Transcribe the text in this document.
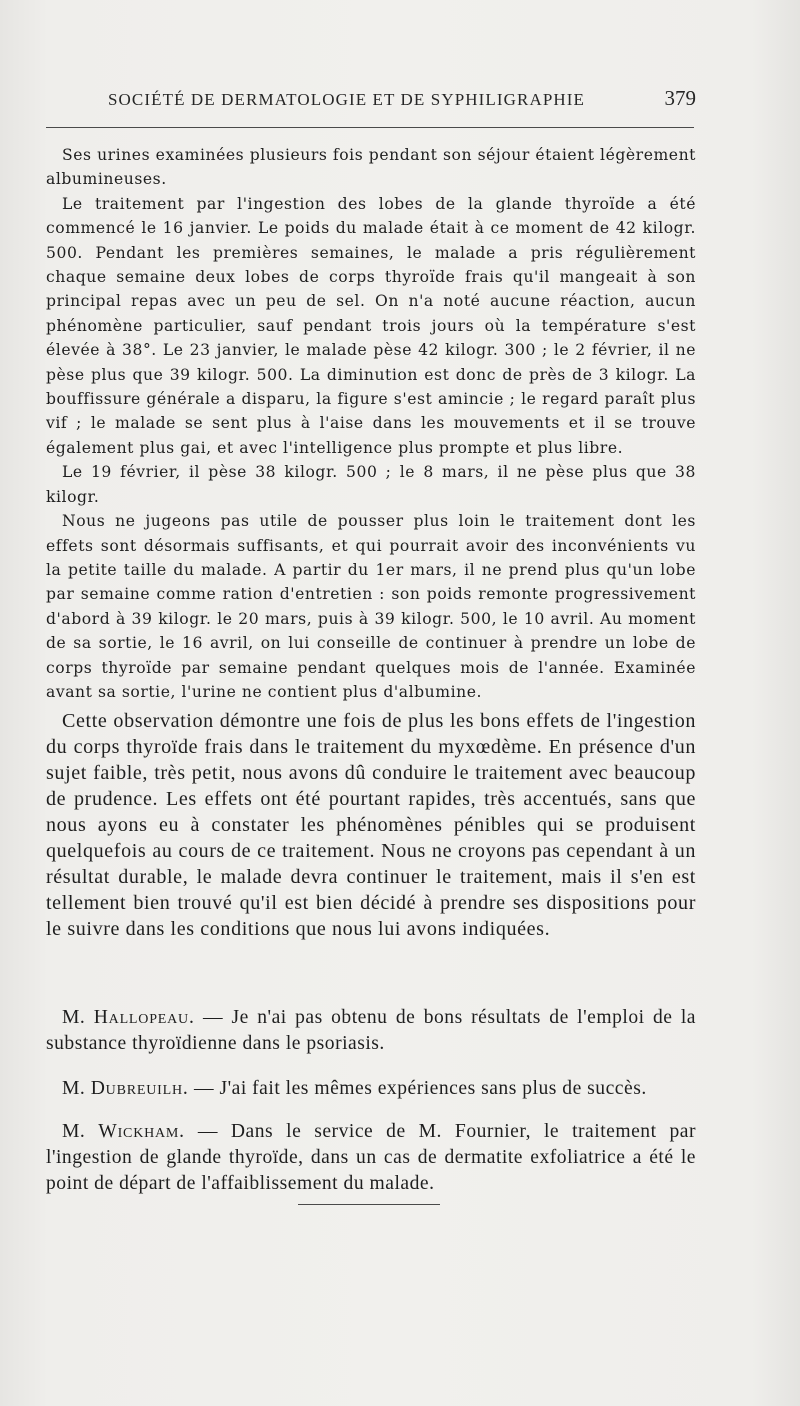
SOCIÉTÉ DE DERMATOLOGIE ET DE SYPHILIGRAPHIE	379

Ses urines examinées plusieurs fois pendant son séjour étaient légèrement albumineuses.

Le traitement par l'ingestion des lobes de la glande thyroïde a été commencé le 16 janvier. Le poids du malade était à ce moment de 42 kilogr. 500. Pendant les premières semaines, le malade a pris régulièrement chaque semaine deux lobes de corps thyroïde frais qu'il mangeait à son principal repas avec un peu de sel. On n'a noté aucune réaction, aucun phénomène particulier, sauf pendant trois jours où la température s'est élevée à 38°. Le 23 janvier, le malade pèse 42 kilogr. 300 ; le 2 février, il ne pèse plus que 39 kilogr. 500. La diminution est donc de près de 3 kilogr. La bouffissure générale a disparu, la figure s'est amincie ; le regard paraît plus vif ; le malade se sent plus à l'aise dans les mouvements et il se trouve également plus gai, et avec l'intelligence plus prompte et plus libre.

Le 19 février, il pèse 38 kilogr. 500 ; le 8 mars, il ne pèse plus que 38 kilogr.

Nous ne jugeons pas utile de pousser plus loin le traitement dont les effets sont désormais suffisants, et qui pourrait avoir des inconvénients vu la petite taille du malade. A partir du 1er mars, il ne prend plus qu'un lobe par semaine comme ration d'entretien : son poids remonte progressivement d'abord à 39 kilogr. le 20 mars, puis à 39 kilogr. 500, le 10 avril. Au moment de sa sortie, le 16 avril, on lui conseille de continuer à prendre un lobe de corps thyroïde par semaine pendant quelques mois de l'année. Examinée avant sa sortie, l'urine ne contient plus d'albumine.

Cette observation démontre une fois de plus les bons effets de l'ingestion du corps thyroïde frais dans le traitement du myxœdème. En présence d'un sujet faible, très petit, nous avons dû conduire le traitement avec beaucoup de prudence. Les effets ont été pourtant rapides, très accentués, sans que nous ayons eu à constater les phénomènes pénibles qui se produisent quelquefois au cours de ce traitement. Nous ne croyons pas cependant à un résultat durable, le malade devra continuer le traitement, mais il s'en est tellement bien trouvé qu'il est bien décidé à prendre ses dispositions pour le suivre dans les conditions que nous lui avons indiquées.

M. Hallopeau. — Je n'ai pas obtenu de bons résultats de l'emploi de la substance thyroïdienne dans le psoriasis.

M. Dubreuilh. — J'ai fait les mêmes expériences sans plus de succès.

M. Wickham. — Dans le service de M. Fournier, le traitement par l'ingestion de glande thyroïde, dans un cas de dermatite exfoliatrice a été le point de départ de l'affaiblissement du malade.
